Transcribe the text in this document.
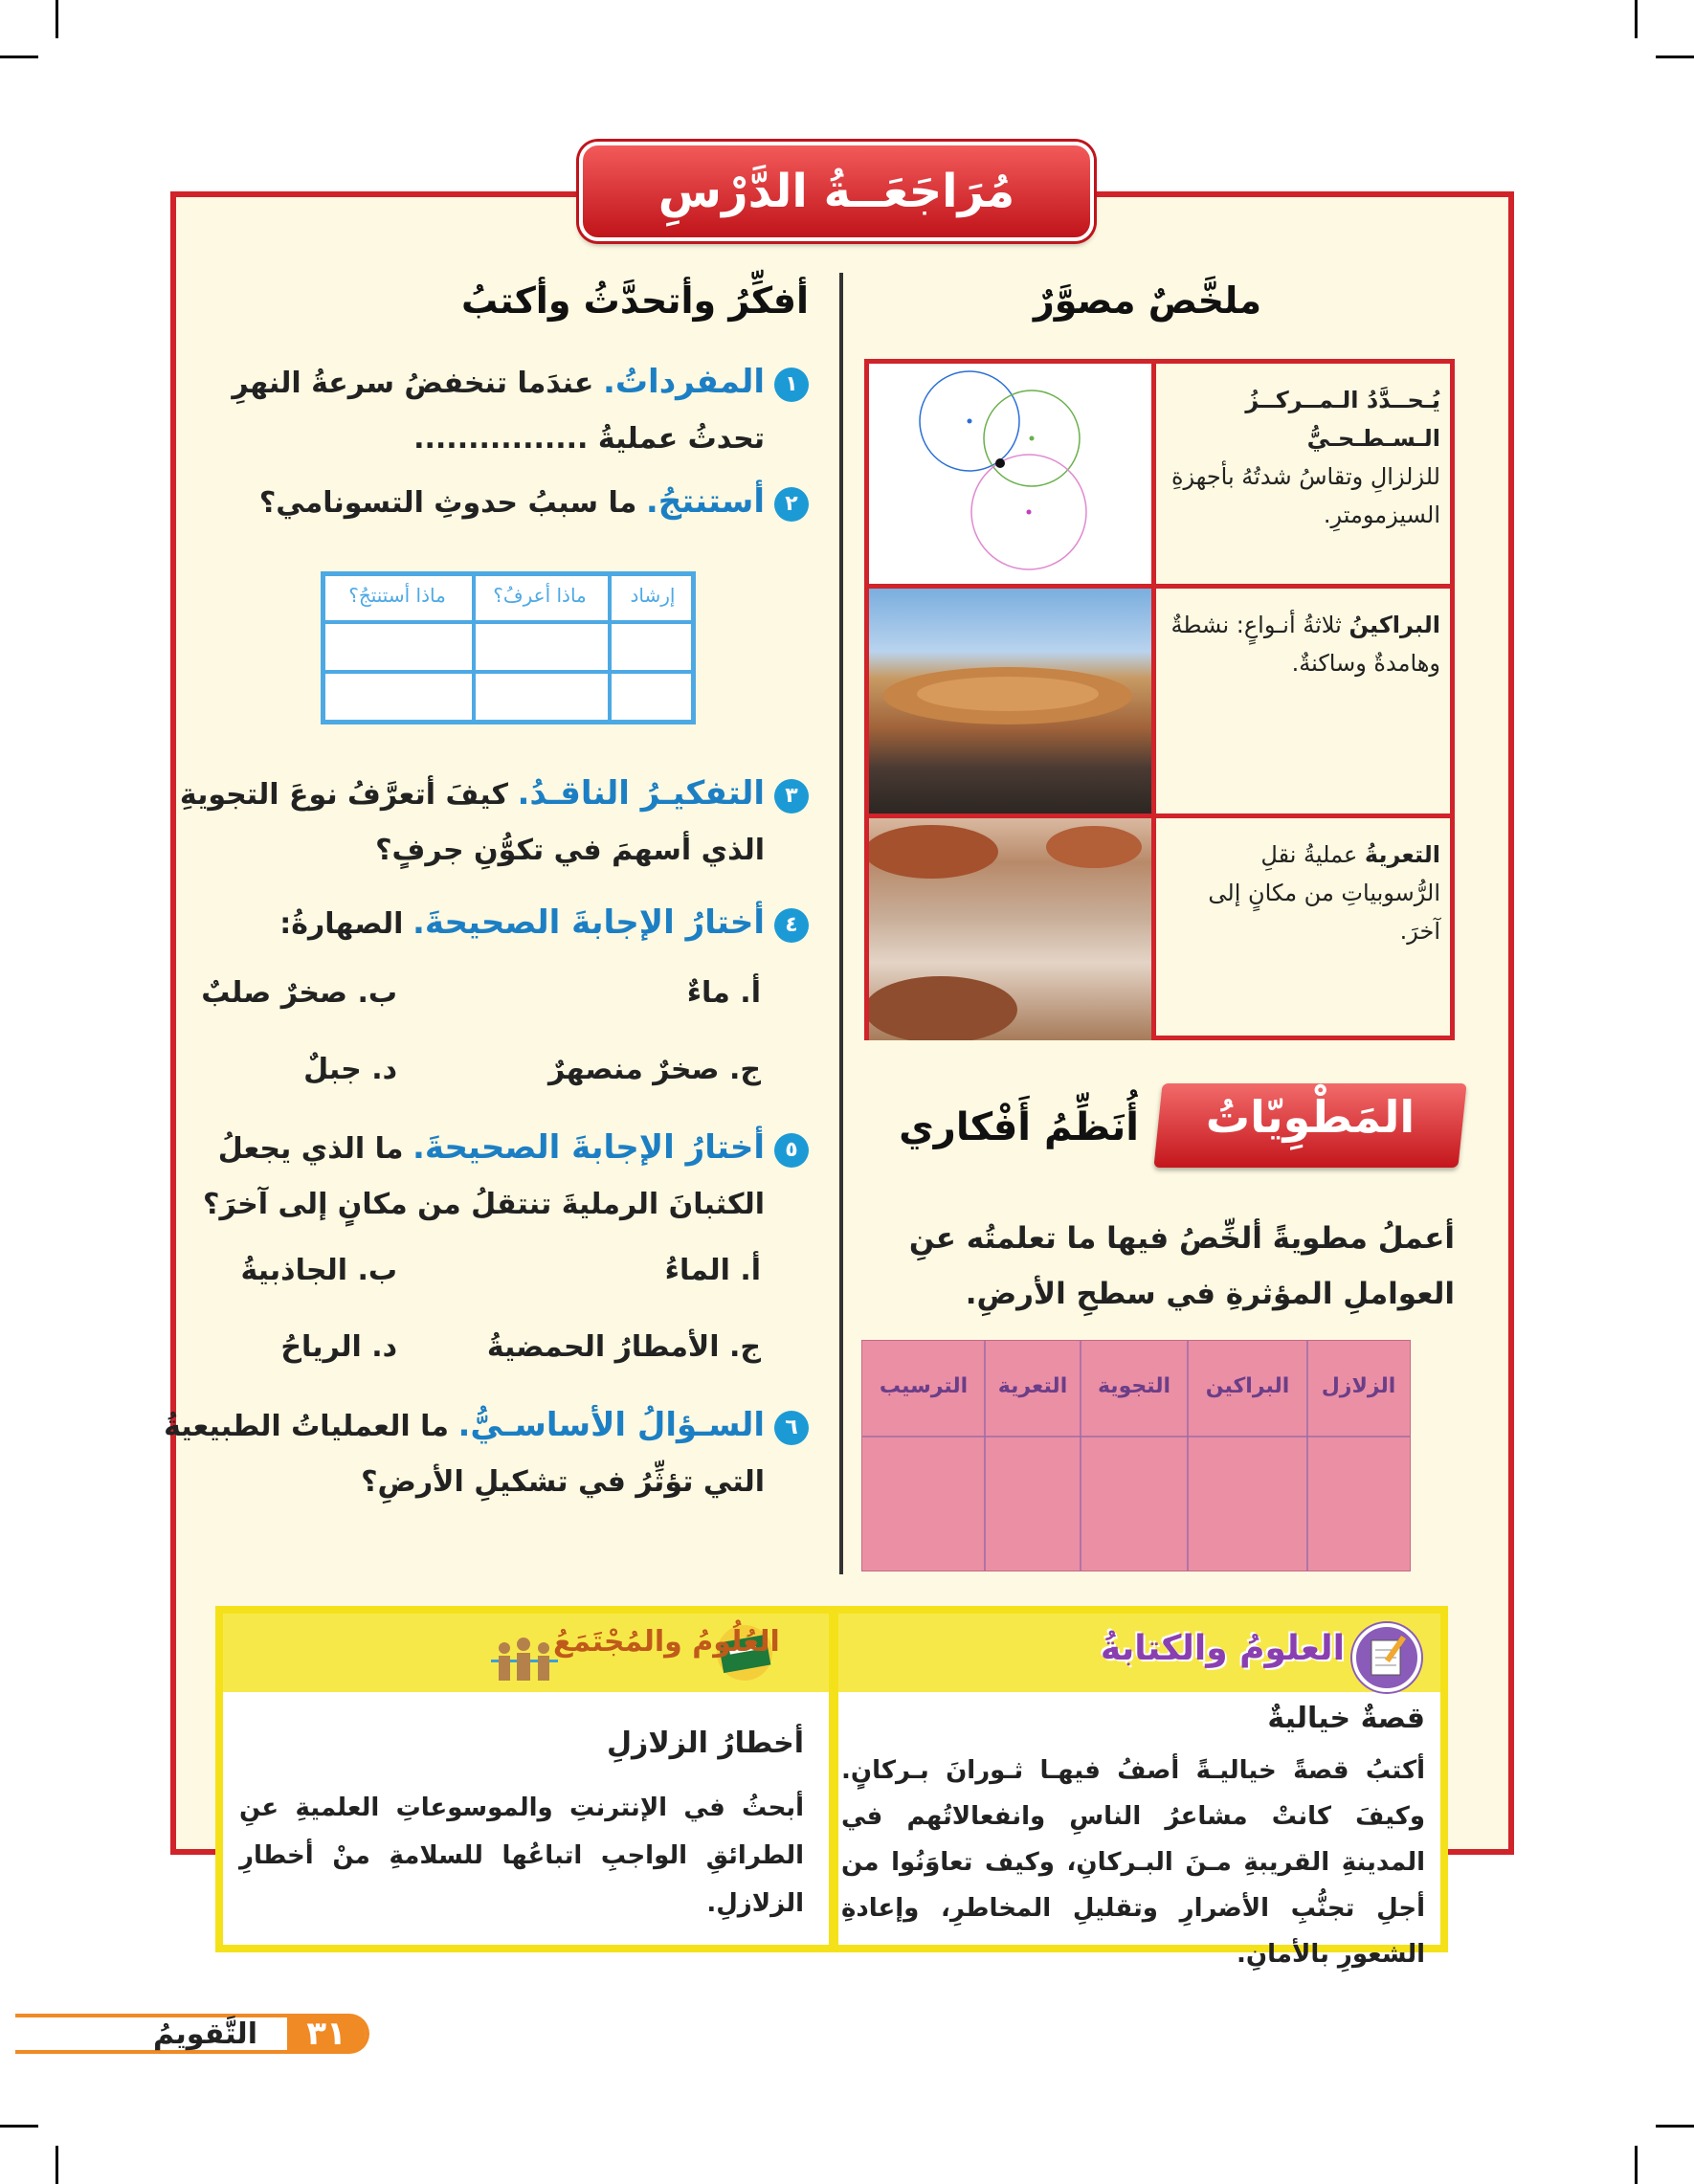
مُرَاجَعَــةُ الدَّرْسِ
ملخَّصٌ مصوَّرٌ
أفكِّرُ وأتحدَّثُ وأكتبُ
يُـحــدَّدُ الـمــركــزُ الـسـطـحـيُّ
للزلزالِ وتقاسُ شدتُهُ بأجهزةِ السيزمومترِ.
البراكينُ ثلاثةُ أنـواعٍ: نشطةٌ وهامدةٌ وساكنةٌ.
التعريةُ عمليةُ نقلِ الرُّسوبياتِ من مكانٍ إلى آخرَ.
١المفرداتُ. عندَما تنخفضُ سرعةُ النهرِ
تحدثُ عمليةُ ................
٢أستنتجُ. ما سببُ حدوثِ التسونامي؟
إرشاد
ماذا أعرفُ؟
ماذا أستنتجُ؟
٣التفكيـرُ الناقـدُ. كيفَ أتعرَّفُ نوعَ التجويةِ
الذي أسهمَ في تكوُّنِ جرفٍ؟
٤أختارُ الإجابةَ الصحيحةَ. الصهارةُ:
أ. ماءٌ
ب. صخرٌ صلبٌ
ج. صخرٌ منصهرٌ
د. جبلٌ
٥أختارُ الإجابةَ الصحيحةَ. ما الذي يجعلُ
الكثبانَ الرمليةَ تنتقلُ من مكانٍ إلى آخرَ؟
أ. الماءُ
ب. الجاذبيةُ
ج. الأمطارُ الحمضيةُ
د. الرياحُ
٦السـؤالُ الأساسـيُّ. ما العملياتُ الطبيعيةُ
التي تؤثِّرُ في تشكيلِ الأرضِ؟
المَطْوِيّاتُ
أُنَظِّمُ أَفْكاري
أعملُ مطويةً ألخِّصُ فيها ما تعلمتُه عنِ العواملِ المؤثرةِ في سطحِ الأرضِ.
الزلازل
البراكين
التجوية
التعرية
الترسيب
العلومُ والكتابةُ
العُلُومُ والمُجْتَمَعُ
قصةٌ خياليةٌ
أكتبُ قصةً خياليـةً أصفُ فيهـا ثـورانَ بـركانٍ. وكيفَ كانتْ مشاعرُ الناسِ وانفعالاتُهم في المدينةِ القريبةِ مـنَ البـركانِ، وكيف تعاوَنُوا من أجلِ تجنُّبِ الأضرارِ وتقليلِ المخاطرِ، وإعادةِ الشعورِ بالأمانِ.
أخطارُ الزلازلِ
أبحثُ في الإنترنتِ والموسوعاتِ العلميةِ عنِ الطرائقِ الواجبِ اتباعُها للسلامةِ منْ أخطارِ الزلازلِ.
٣١
التَّقويمُ
